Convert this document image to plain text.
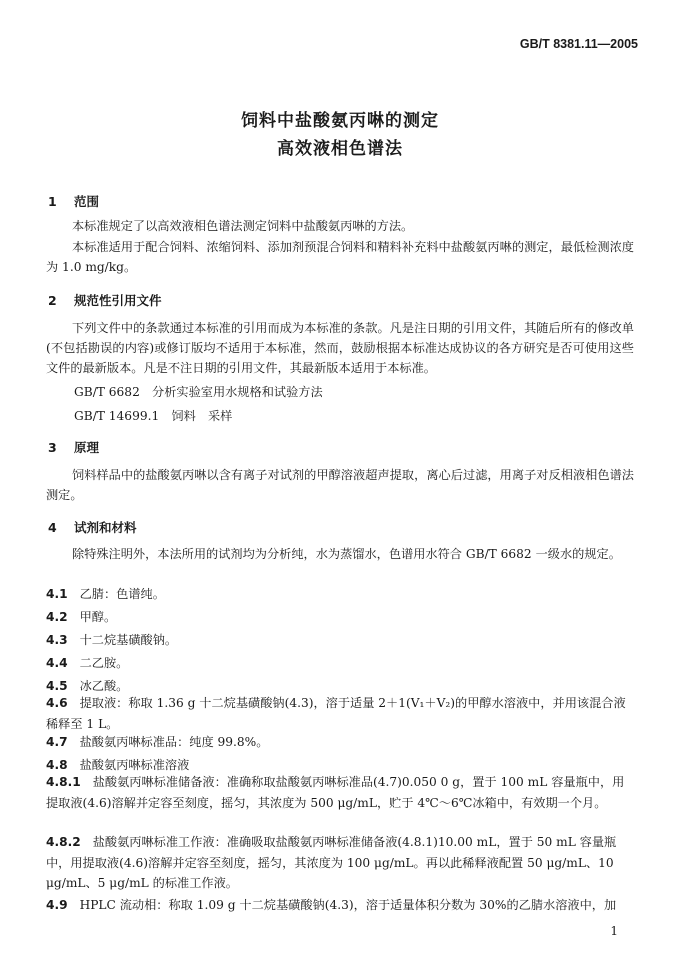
GB/T 8381.11—2005
饲料中盐酸氨丙啉的测定
高效液相色谱法
1 范围
本标准规定了以高效液相色谱法测定饲料中盐酸氨丙啉的方法。
本标准适用于配合饲料、浓缩饲料、添加剂预混合饲料和精料补充料中盐酸氨丙啉的测定，最低检测浓度为 1.0 mg/kg。
2 规范性引用文件
下列文件中的条款通过本标准的引用而成为本标准的条款。凡是注日期的引用文件，其随后所有的修改单(不包括勘误的内容)或修订版均不适用于本标准，然而，鼓励根据本标准达成协议的各方研究是否可使用这些文件的最新版本。凡是不注日期的引用文件，其最新版本适用于本标准。
GB/T 6682　分析实验室用水规格和试验方法
GB/T 14699.1　饲料　采样
3 原理
饲料样品中的盐酸氨丙啉以含有离子对试剂的甲醇溶液超声提取，离心后过滤，用离子对反相液相色谱法测定。
4 试剂和材料
除特殊注明外，本法所用的试剂均为分析纯，水为蒸馏水，色谱用水符合 GB/T 6682 一级水的规定。
4.1 乙腈：色谱纯。
4.2 甲醇。
4.3 十二烷基磺酸钠。
4.4 二乙胺。
4.5 冰乙酸。
4.6 提取液：称取 1.36 g 十二烷基磺酸钠(4.3)，溶于适量 2＋1(V₁＋V₂)的甲醇水溶液中，并用该混合液稀释至 1 L。
4.7 盐酸氨丙啉标准品：纯度 99.8%。
4.8 盐酸氨丙啉标准溶液
4.8.1 盐酸氨丙啉标准储备液：准确称取盐酸氨丙啉标准品(4.7)0.050 0 g，置于 100 mL 容量瓶中，用提取液(4.6)溶解并定容至刻度，摇匀，其浓度为 500 μg/mL，贮于 4℃～6℃冰箱中，有效期一个月。
4.8.2 盐酸氨丙啉标准工作液：准确吸取盐酸氨丙啉标准储备液(4.8.1)10.00 mL，置于 50 mL 容量瓶中，用提取液(4.6)溶解并定容至刻度，摇匀，其浓度为 100 μg/mL。再以此稀释液配置 50 μg/mL、10 μg/mL、5 μg/mL 的标准工作液。
4.9 HPLC 流动相：称取 1.09 g 十二烷基磺酸钠(4.3)，溶于适量体积分数为 30%的乙腈水溶液中，加
1
